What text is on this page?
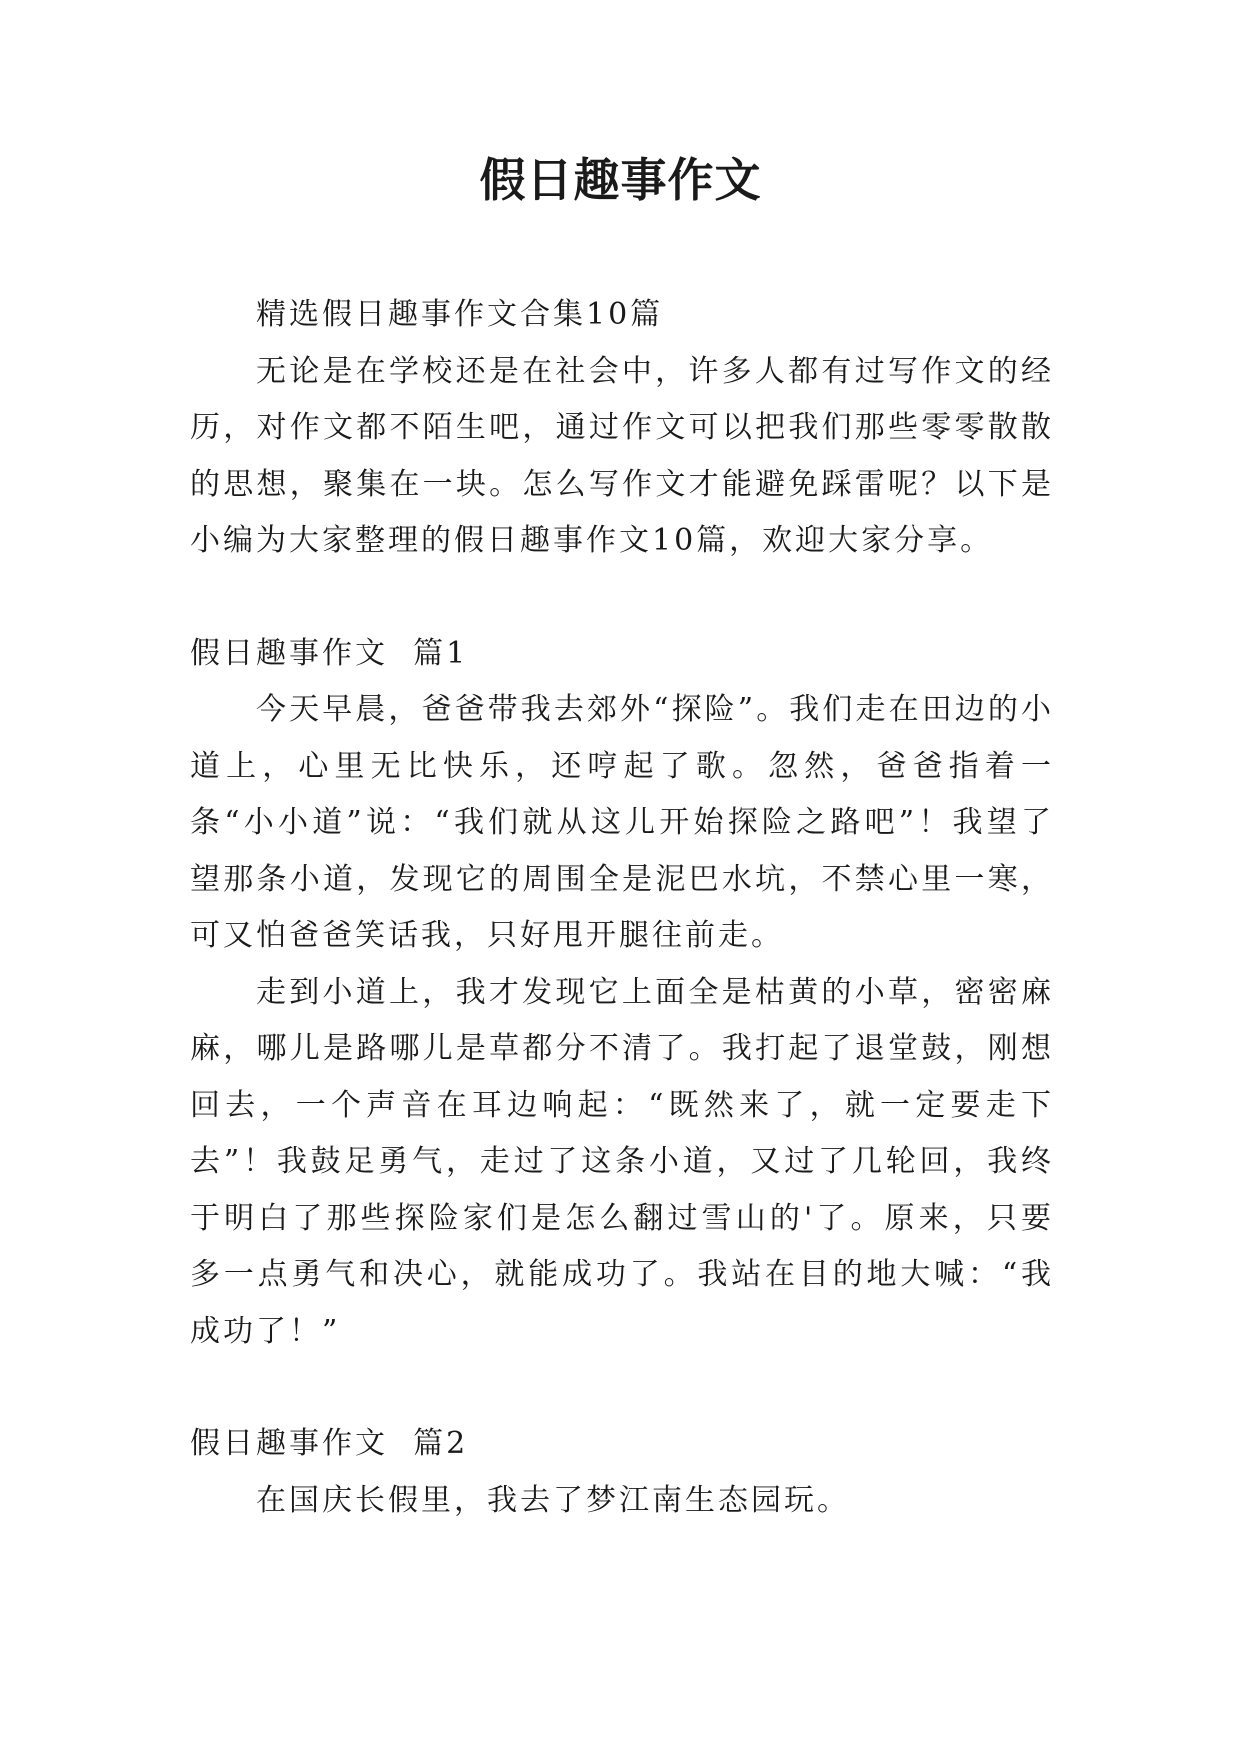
假日趣事作文

精选假日趣事作文合集10篇

无论是在学校还是在社会中，许多人都有过写作文的经历，对作文都不陌生吧，通过作文可以把我们那些零零散散的思想，聚集在一块。怎么写作文才能避免踩雷呢？以下是小编为大家整理的假日趣事作文10篇，欢迎大家分享。

假日趣事作文  篇1

今天早晨，爸爸带我去郊外“探险”。我们走在田边的小道上，心里无比快乐，还哼起了歌。忽然，爸爸指着一条“小小道”说：“我们就从这儿开始探险之路吧”！我望了望那条小道，发现它的周围全是泥巴水坑，不禁心里一寒，可又怕爸爸笑话我，只好甩开腿往前走。

走到小道上，我才发现它上面全是枯黄的小草，密密麻麻，哪儿是路哪儿是草都分不清了。我打起了退堂鼓，刚想回去，一个声音在耳边响起：“既然来了，就一定要走下去”！我鼓足勇气，走过了这条小道，又过了几轮回，我终于明白了那些探险家们是怎么翻过雪山的'了。原来，只要多一点勇气和决心，就能成功了。我站在目的地大喊：“我成功了！”

假日趣事作文  篇2

在国庆长假里，我去了梦江南生态园玩。
